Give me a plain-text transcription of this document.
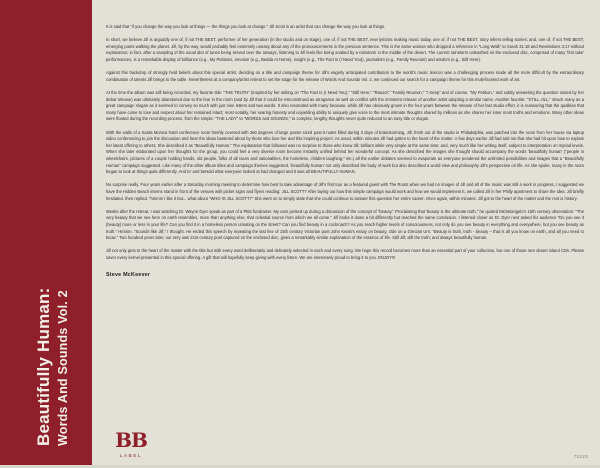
Beautifully Human: Words And Sounds Vol. 2

It is said that "if you change the way you look at things — the things you look at change." Jill Scott is an artist that can change the way you look at things.

In short, we believe Jill is arguably one of, if not THE BEST, performer of her generation (in the studio and on stage), one of, if not THE BEST, new lyricists making music today, one of, if not THE BEST, story tellers telling stories; and, one of, if not THE BEST, emerging poets walking the planet. Jill, by the way, would probably feel extremely uneasy about any of the pronouncements in the previous sentence. This is the same woman who dropped a reference in "Long Walk" to Surah 31:18 and Revelations 3:17 without explanation; in fact, after a sampling of the usual diet of tunes being served over the airways, listening to Jill feels like being soaked by a rainstorm in the middle of the desert. The current rainstorm unleashed on the enclosed disc, comprised of many 'first take' performances, is a remarkable display of brilliance (e.g., My Petitions, emotion (e.g., Bedda At Home), insight (e.g., The Fact Is (I Need You)), journalism (e.g., Family Reunion) and wisdom (e.g., Still Here).

Against this backdrop of strongly held beliefs about this special artist, deciding on a title and campaign theme for Jill's eagerly anticipated contribution to the world's music lexicon was a challenging process made all the more difficult by the extraordinary combination of talents Jill brings to the table. Nevertheless at a company/artist retreat to set the stage for the release of Words And Sounds Vol. 2, we continued our search for a campaign theme for this multi-faceted work of art.

At the time the album was still being recorded, my favorite title: "THE TRUTH" (inspired by her writing on "The Fact Is (I Need You)," "Still Here," "Rasool," "Family Reunion," "I Keep" and of course, "My Petition," and subtly answering the question raised by her debut release) was ultimately abandoned due to the fear in the room (and by Jill that it could be misconstrued as arrogance as well as conflict with the imminent release of another artist adopting a similar name. Another favorite: "STILL JILL," struck many as a great campaign slogan as it seemed to convey so much with just nine letters and two words. It also resonated with many because, while Jill has obviously grown in the four years between the release of her last studio effort, it is reassuring that the qualities that many have come to love and respect about her remained intact; most notably, her searing honesty and unyielding ability to uniquely give voice to the most intimate thoughts shared by millions as she shares her inner most truths and emotions. Many other ideas were floated during the recording process, from the simple: "THE LADY" to "WORDS and SOUNDS," to complex, lengthy thoughts never quite reduced to an easy title or slogan.

With the walls of a Santa Monica hotel conference room freshly covered with 360 degrees of large poster sized post-it notes filled during 3 days of brainstorming, Jill, fresh out of the studio in Philadelphia, was patched into the room from her house via laptop video conferencing to join the discussion and hear the ideas bantered about by those who love her and this inspiring project. As usual, within minutes Jill had gotten to the heart of the matter. A few days earlier Jill had told me that she had hit upon how to explain her latest offering to others; She described it as "Beautifully Human." The explanation that followed was no surprise to those who know Jill; brilliant while very simple at the same time; and, very much like her writing itself, subject to interpretation on myriad levels. When she later elaborated upon her thoughts for the group, you could feel a very diverse room become instantly unified behind her wonderful concept. As she described the images she thought should accompany the words 'beautifully human' ("people in wheelchairs, pictures of a couple holding hands, old people, folks of all races and nationalities, the homeless, children laughing," etc.) all the earlier debates seemed to evaporate as everyone pondered the unlimited possibilities and images that a "Beautifully Human" campaign suggested. Like many of the other album titles and campaign themes suggested, 'beautifully human' not only described the body of work but also described a world view and philosophy Jill's perspective on life. As she spoke, many in the room began to look at things quite differently. And to' and beNold what everyone looked at had changed and it was all BEAUTIFULLY HUMAN.

No surprise really. Four years earlier after a Saturday morning meeting to determine how best to take advantage of Jill's first tour as a featured guest with The Roots when we had no images of Jill and all of the music was still a work in progress, I suggested we have the Hidden Beach interns stand in front of the venues with picket signs and flyers reading: JILL SCOTT? After laying out how this simple campaign would work and how we would implement it, we called Jill in her Philly apartment to share the idea. Jill briefly hesitated, then replied, "hmmm I like it but... what about "WHO IS JILL SCOTT?" She went on to simply state that she could continue to answer this question her entire career. Once again, within minutes, Jill got to the heart of the matter and the rest is history.

Weeks after the retreat, I was watching Dr. Wayne Dyer speak as part of a PBS fundraiser. My ears perked up during a discussion of the concept of "beauty." Proclaiming that 'beauty is the ultimate truth," he quoted Michelangelo's 15th century observation: "The very beauty that we see here on earth resembles, more than anything else, that celestial source from which we all come." Jill broke it down a bit differently but reached the same conclusion. I listened closer as Dr. Dyer next asked his audience "Do you see it (beauty) more or less in your life? Can you find it in a homeless person urinating on the street? Can you find beauty in a cockroach? As you reach higher levels of consciousness, not only do you see beauty in everything and everywhere, but you see beauty as truth." Hmmm. "Sounds like Jill," I thought. He ended this speech by repeating the last line of 15th century Victorian poet John Keats's essay on beauty, Ode on a Grecian Urn: "Beauty is truth, truth - beauty – that is all you know on earth, and all you need to know." Two hundred years later, our very own 21st century poet captured on the enclosed disc, gives a remarkably similar explanation of the essence of life. Still Jill; still the truth; and always beautifully human.

Jill not only gets to the heart of the matter with the title but with every word deliberately and delicately selected in each and every song. We hope this record becomes more than an essential part of your collection, but one of those rare desert island CDs. Please savor every kernel presented in this special offering. A gift that will hopefully keep giving with every listen. We are immensely proud to bring it to you. ENJOY!!!

Steve McKeever
BB
LABEL	70223
